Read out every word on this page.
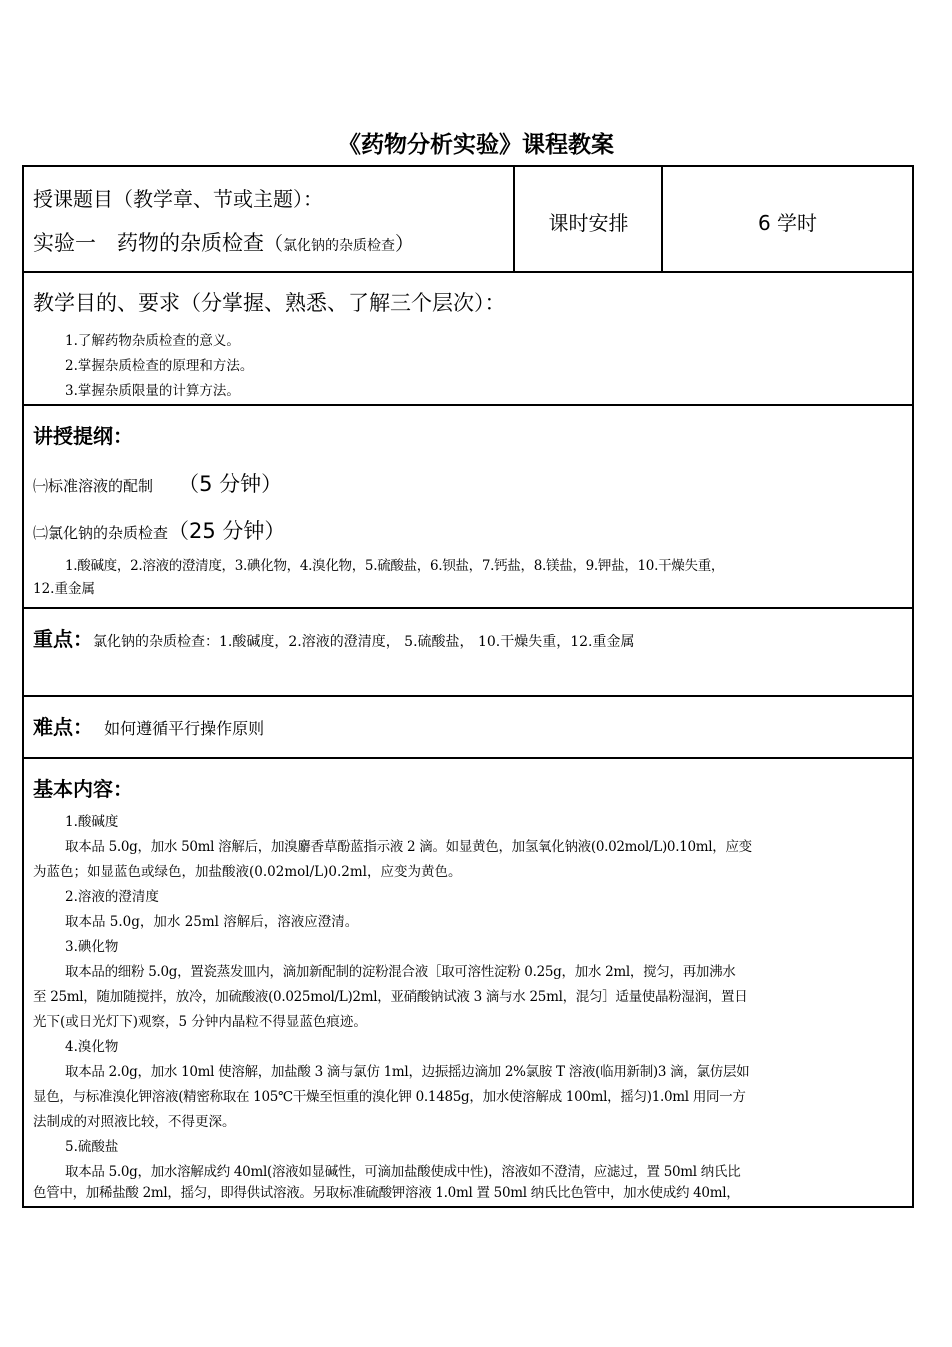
《药物分析实验》课程教案
授课题目（教学章、节或主题）：
实验一　药物的杂质检查（氯化钠的杂质检查）
课时安排	6 学时
教学目的、要求（分掌握、熟悉、了解三个层次）：
1.了解药物杂质检查的意义。
2.掌握杂质检查的原理和方法。
3.掌握杂质限量的计算方法。
讲授提纲：
㈠标准溶液的配制 （5 分钟）
㈡氯化钠的杂质检查（25 分钟）
1.酸碱度，2.溶液的澄清度，3.碘化物，4.溴化物，5.硫酸盐，6.钡盐，7.钙盐，8.镁盐，9.钾盐，10.干燥失重，
12.重金属
重点：氯化钠的杂质检查：1.酸碱度，2.溶液的澄清度， 5.硫酸盐， 10.干燥失重，12.重金属
难点： 如何遵循平行操作原则
基本内容：
1.酸碱度
取本品 5.0g，加水 50ml 溶解后，加溴麝香草酚蓝指示液 2 滴。如显黄色，加氢氧化钠液(0.02mol/L)0.10ml，应变
为蓝色；如显蓝色或绿色，加盐酸液(0.02mol/L)0.2ml，应变为黄色。
2.溶液的澄清度
取本品 5.0g，加水 25ml 溶解后，溶液应澄清。
3.碘化物
取本品的细粉 5.0g，置瓷蒸发皿内，滴加新配制的淀粉混合液［取可溶性淀粉 0.25g，加水 2ml，搅匀，再加沸水
至 25ml，随加随搅拌，放冷，加硫酸液(0.025mol/L)2ml，亚硝酸钠试液 3 滴与水 25ml，混匀］适量使晶粉湿润，置日
光下(或日光灯下)观察，5 分钟内晶粒不得显蓝色痕迹。
4.溴化物
取本品 2.0g，加水 10ml 使溶解，加盐酸 3 滴与氯仿 1ml，边振摇边滴加 2%氯胺 T 溶液(临用新制)3 滴，氯仿层如
显色，与标准溴化钾溶液(精密称取在 105℃干燥至恒重的溴化钾 0.1485g，加水使溶解成 100ml，摇匀)1.0ml 用同一方
法制成的对照液比较，不得更深。
5.硫酸盐
取本品 5.0g，加水溶解成约 40ml(溶液如显碱性，可滴加盐酸使成中性)，溶液如不澄清，应滤过，置 50ml 纳氏比
色管中，加稀盐酸 2ml，摇匀，即得供试溶液。另取标准硫酸钾溶液 1.0ml 置 50ml 纳氏比色管中，加水使成约 40ml，
